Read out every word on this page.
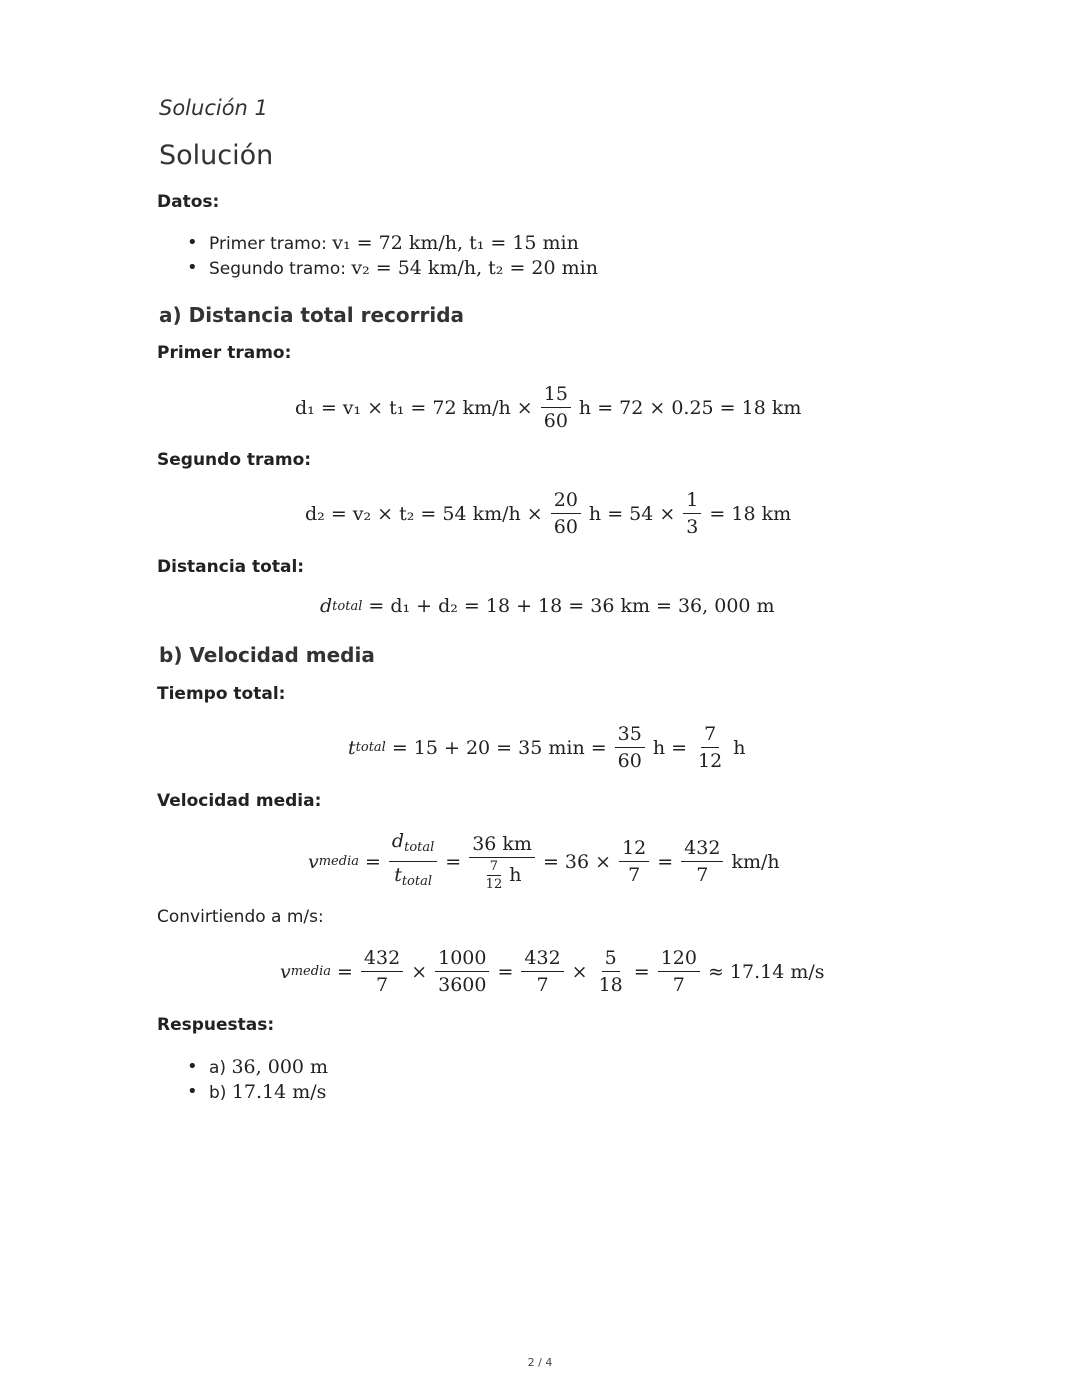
Solución 1
Solución
Datos:
• Primer tramo: v₁ = 72 km/h, t₁ = 15 min
• Segundo tramo: v₂ = 54 km/h, t₂ = 20 min
a) Distancia total recorrida
Primer tramo:
d₁ = v₁ × t₁ = 72 $km/h \times \frac{15}{60}$ h = 72 × 0.25 = 18 km
Segundo tramo:
d₂ = v₂ × t₂ = 54 $km/h \times \frac{20}{60}$ $h = 54 \times \frac{1}{3} = 18$ km
Distancia total:
d total = d₁ + d₂ = 18 + 18 = 36 km = 36, 000 m
b) Velocidad media
Tiempo total:
t total = 15 + 20 = 35 $\min = \frac{35}{60}$ $h = \frac{7}{12}$ h
Velocidad media:
v media = $\frac{d_{total}}{t_{total}} = \frac{36 km}{\frac{7}{12} h} = 36 \times \frac{12}{7} = \frac{432}{7} km/h$
Convirtiendo a m/s:
v media = $\frac{432}{7} \times \frac{1000}{3600} = \frac{432}{7} \times \frac{5}{18} = \frac{120}{7} \approx 17.14$ m/s
Respuestas:
• a) 36, 000 m
• b) 17.14 m/s
2 / 4
